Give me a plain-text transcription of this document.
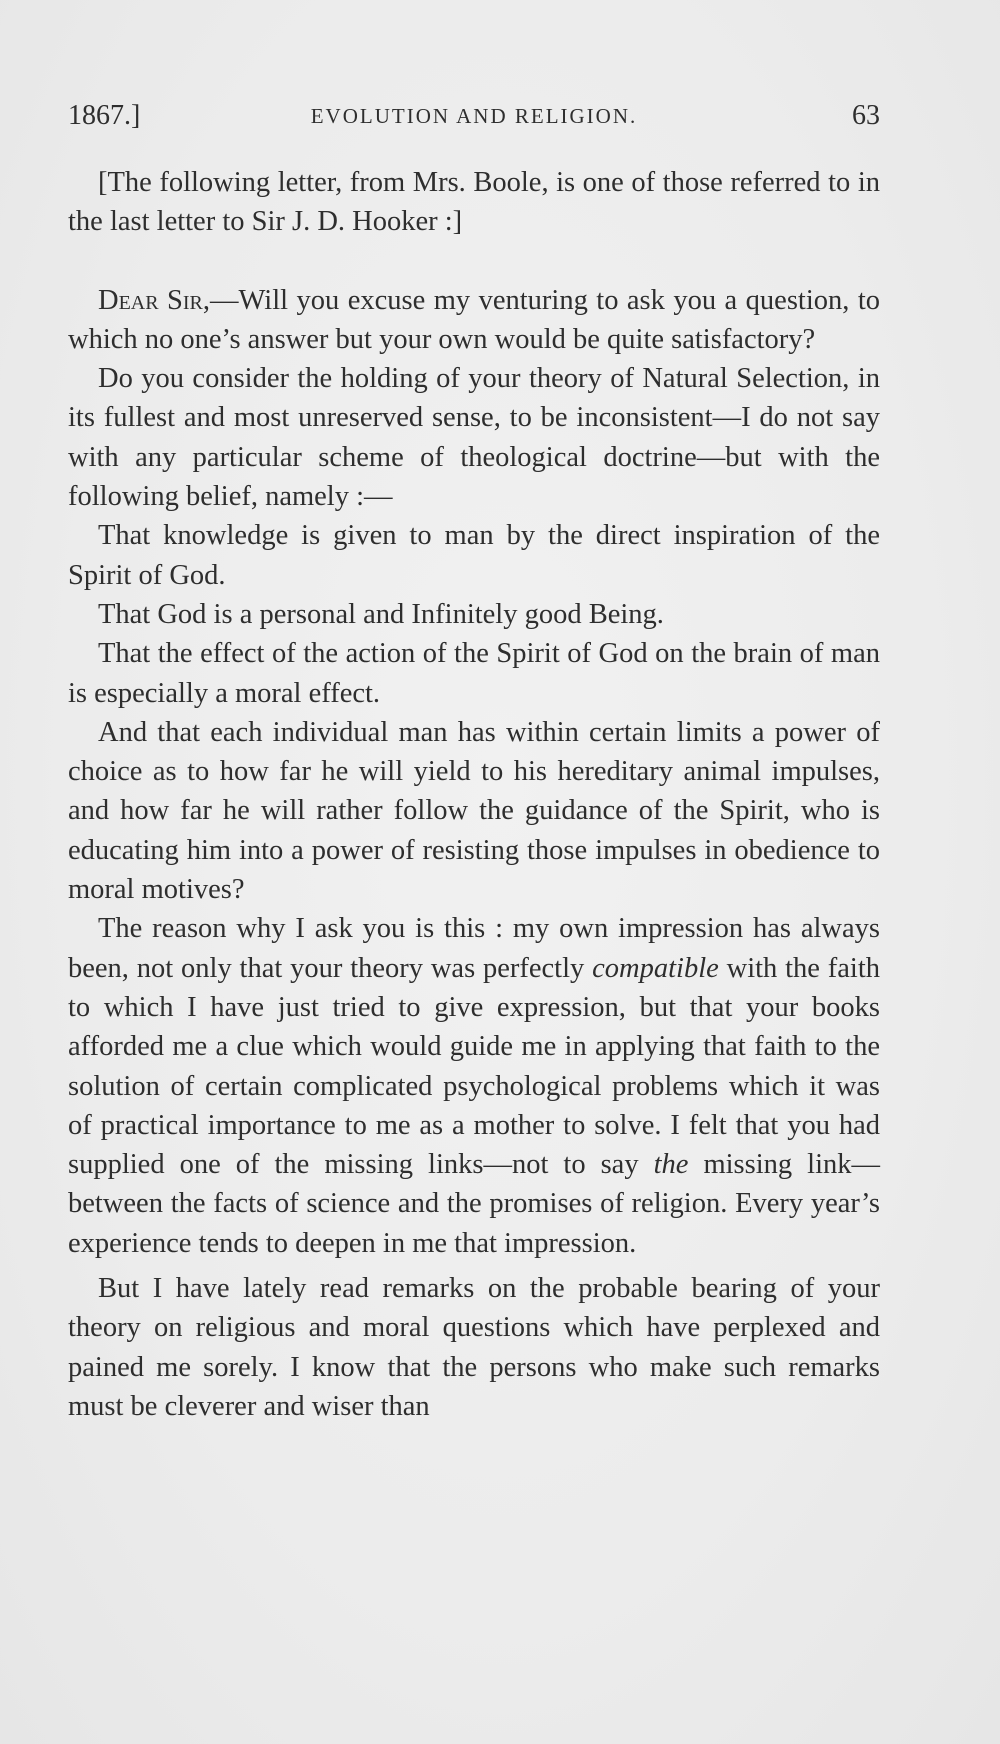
1867.]	EVOLUTION AND RELIGION.	63

[The following letter, from Mrs. Boole, is one of those referred to in the last letter to Sir J. D. Hooker :]

Dear Sir,—Will you excuse my venturing to ask you a question, to which no one’s answer but your own would be quite satisfactory?

Do you consider the holding of your theory of Natural Selection, in its fullest and most unreserved sense, to be inconsistent—I do not say with any particular scheme of theological doctrine—but with the following belief, namely :—

That knowledge is given to man by the direct inspiration of the Spirit of God.

That God is a personal and Infinitely good Being.

That the effect of the action of the Spirit of God on the brain of man is especially a moral effect.

And that each individual man has within certain limits a power of choice as to how far he will yield to his hereditary animal impulses, and how far he will rather follow the guidance of the Spirit, who is educating him into a power of resisting those impulses in obedience to moral motives?

The reason why I ask you is this : my own impression has always been, not only that your theory was perfectly compatible with the faith to which I have just tried to give expression, but that your books afforded me a clue which would guide me in applying that faith to the solution of certain complicated psychological problems which it was of practical importance to me as a mother to solve. I felt that you had supplied one of the missing links—not to say the missing link—between the facts of science and the promises of religion. Every year’s experience tends to deepen in me that impression.

But I have lately read remarks on the probable bearing of your theory on religious and moral questions which have perplexed and pained me sorely. I know that the persons who make such remarks must be cleverer and wiser than
